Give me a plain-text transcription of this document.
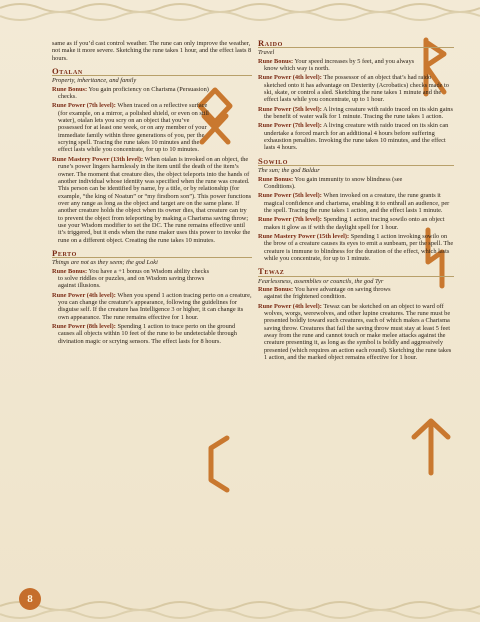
same as if you’d cast control weather. The rune can only improve the weather, not make it more severe. Sketching the rune takes 1 hour, and the effect lasts 8 hours.

Otalan

Property, inheritance, and family

Rune Bonus: You gain proficiency on Charisma (Persuasion) checks.

Rune Power (7th level): When traced on a reflective surface (for example, on a mirror, a polished shield, or even on still water), otalan lets you scry on an object that you’ve possessed for at least one week, or on any member of your immediate family within three generations of you, per the scrying spell. Tracing the rune takes 10 minutes and the effect lasts while you concentrate, for up to 10 minutes.

Rune Mastery Power (13th level): When otalan is invoked on an object, the rune’s power lingers harmlessly in the item until the death of the item’s owner. The moment that creature dies, the object teleports into the hands of another individual whose identity was specified when the rune was created. This person can be identified by name, by a title, or by relationship (for example, “the king of Noatun” or “my firstborn son”). This power functions over any range as long as the object and target are on the same plane. If another creature holds the object when its owner dies, that creature can try to prevent the object from teleporting by making a Charisma saving throw; use your Wisdom modifier to set the DC. The rune remains effective until it’s triggered, but it ends when the rune maker uses this power to invoke the rune on a different object. Creating the rune takes 10 minutes.

Perto

Things are not as they seem; the god Loki

Rune Bonus: You have a +1 bonus on Wisdom ability checks to solve riddles or puzzles, and on Wisdom saving throws against illusions.

Rune Power (4th level): When you spend 1 action tracing perto on a creature, you can change the creature’s appearance, following the guidelines for disguise self. If the creature has Intelligence 3 or higher, it can change its own appearance. The rune remains effective for 1 hour.

Rune Power (8th level): Spending 1 action to trace perto on the ground causes all objects within 10 feet of the rune to be undetectable through divination magic or scrying sensors. The effect lasts for 8 hours.

Raido

Travel

Rune Bonus: Your speed increases by 5 feet, and you always know which way is north.

Rune Power (4th level): The possessor of an object that’s had raido sketched onto it has advantage on Dexterity (Acrobatics) checks made to ski, skate, or control a sled. Sketching the rune takes 1 minute and the effect lasts while you concentrate, up to 1 hour.

Rune Power (5th level): A living creature with raido traced on its skin gains the benefit of water walk for 1 minute. Tracing the rune takes 1 action.

Rune Power (7th level): A living creature with raido traced on its skin can undertake a forced march for an additional 4 hours before suffering exhaustion penalties. Invoking the rune takes 10 minutes, and the effect lasts 4 hours.

Sowilo

The sun; the god Baldur

Rune Bonus: You gain immunity to snow blindness (see Conditions).

Rune Power (5th level): When invoked on a creature, the rune grants it magical confidence and charisma, enabling it to enthrall an audience, per the spell. Tracing the rune takes 1 action, and the effect lasts 1 minute.

Rune Power (7th level): Spending 1 action tracing sowilo onto an object makes it glow as if with the daylight spell for 1 hour.

Rune Mastery Power (15th level): Spending 1 action invoking sowilo on the brow of a creature causes its eyes to emit a sunbeam, per the spell. The creature is immune to blindness for the duration of the effect, which lasts while you concentrate, for up to 1 minute.

Tewaz

Fearlessness, assemblies or councils, the god Tyr

Rune Bonus: You have advantage on saving throws against the frightened condition.

Rune Power (4th level): Tewaz can be sketched on an object to ward off wolves, worgs, werewolves, and other lupine creatures. The rune must be presented boldly toward such creatures, each of which makes a Charisma saving throw. Creatures that fail the saving throw must stay at least 5 feet away from the rune and cannot touch or make melee attacks against the creature presenting it, as long as the symbol is boldly and aggressively presented (which requires an action each round). Sketching the rune takes 1 action, and the marked object remains effective for 1 hour.

8
